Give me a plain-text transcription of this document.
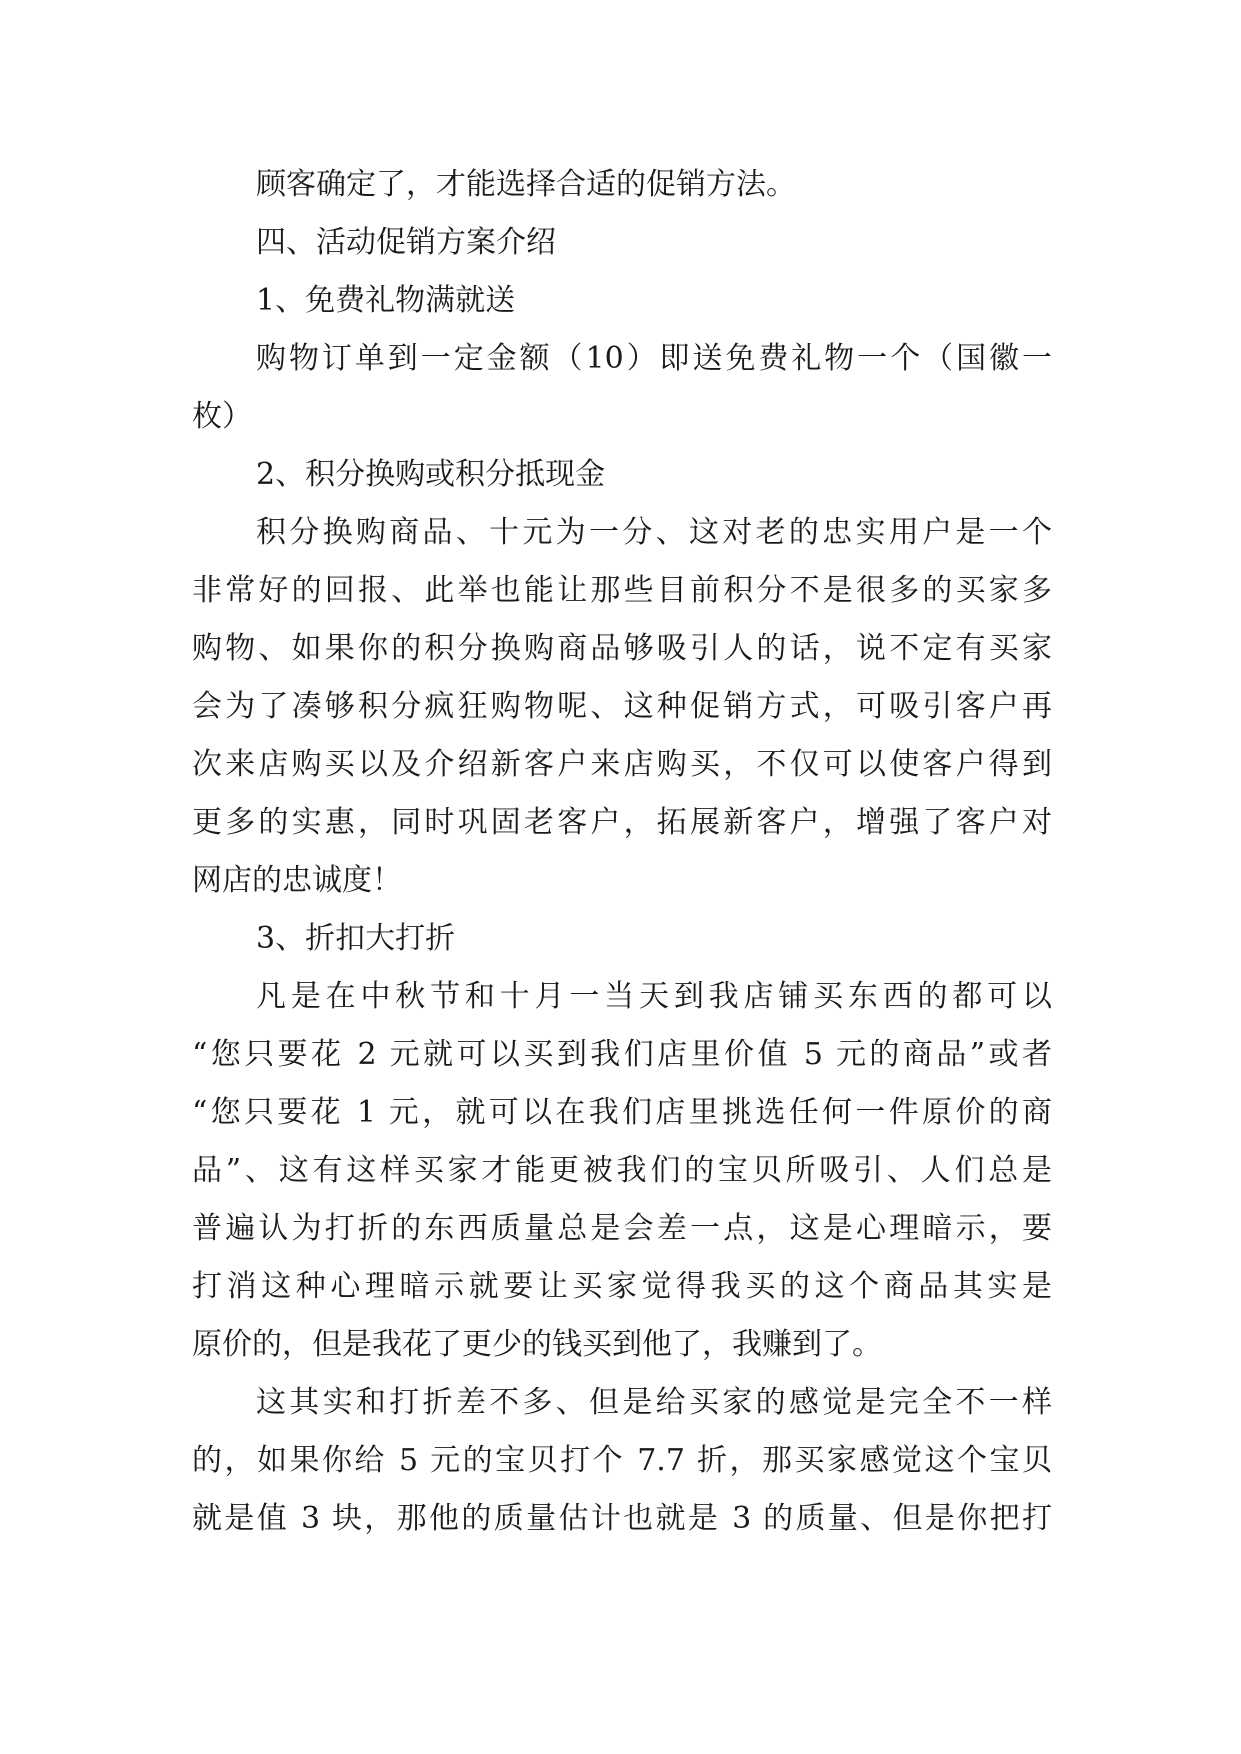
顾客确定了，才能选择合适的促销方法。
四、活动促销方案介绍
1、免费礼物满就送
购物订单到一定金额（10）即送免费礼物一个（国徽一
枚）
2、积分换购或积分抵现金
积分换购商品、十元为一分、这对老的忠实用户是一个
非常好的回报、此举也能让那些目前积分不是很多的买家多
购物、如果你的积分换购商品够吸引人的话，说不定有买家
会为了凑够积分疯狂购物呢、这种促销方式，可吸引客户再
次来店购买以及介绍新客户来店购买，不仅可以使客户得到
更多的实惠，同时巩固老客户，拓展新客户，增强了客户对
网店的忠诚度！
3、折扣大打折
凡是在中秋节和十月一当天到我店铺买东西的都可以
“您只要花 2 元就可以买到我们店里价值 5 元的商品”或者
“您只要花 1 元，就可以在我们店里挑选任何一件原价的商
品”、这有这样买家才能更被我们的宝贝所吸引、人们总是
普遍认为打折的东西质量总是会差一点，这是心理暗示，要
打消这种心理暗示就要让买家觉得我买的这个商品其实是
原价的，但是我花了更少的钱买到他了，我赚到了。
这其实和打折差不多、但是给买家的感觉是完全不一样
的，如果你给 5 元的宝贝打个 7.7 折，那买家感觉这个宝贝
就是值 3 块，那他的质量估计也就是 3 的质量、但是你把打
